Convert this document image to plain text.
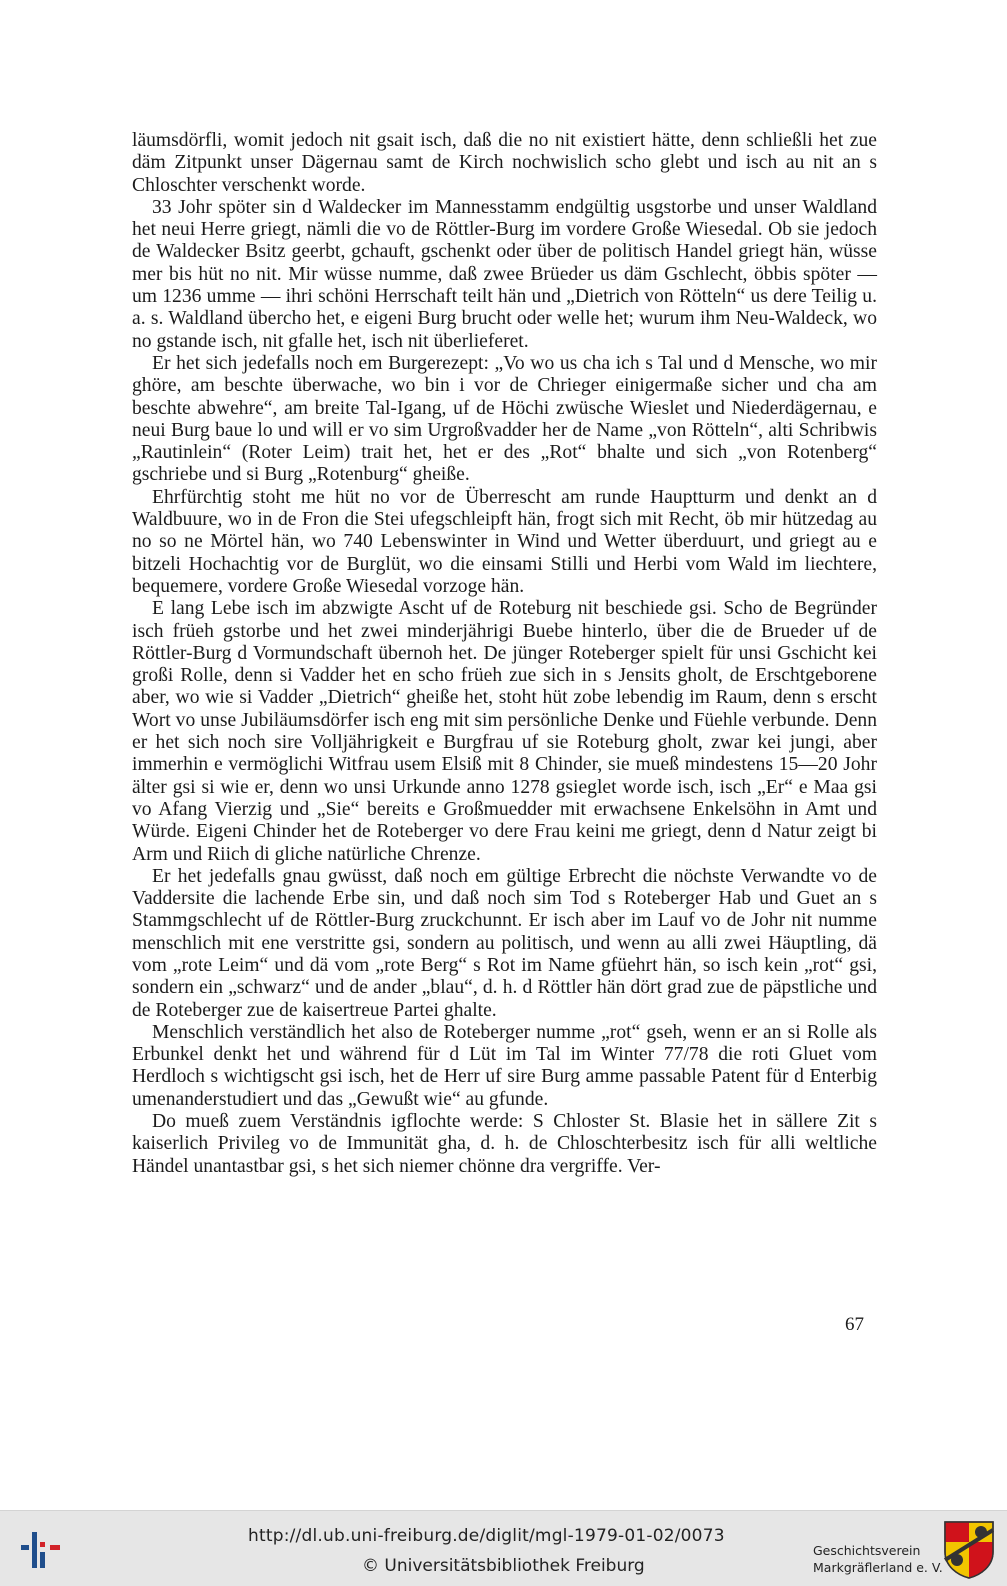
läumsdörfli, womit jedoch nit gsait isch, daß die no nit existiert hätte, denn schließli het zue däm Zitpunkt unser Dägernau samt de Kirch nochwislich scho glebt und isch au nit an s Chloschter verschenkt worde.

33 Johr spöter sin d Waldecker im Mannesstamm endgültig usgstorbe und unser Waldland het neui Herre griegt, nämli die vo de Röttler-Burg im vordere Große Wiesedal. Ob sie jedoch de Waldecker Bsitz geerbt, gchauft, gschenkt oder über de politisch Handel griegt hän, wüsse mer bis hüt no nit. Mir wüsse numme, daß zwee Brüeder us däm Gschlecht, öbbis spöter — um 1236 umme — ihri schöni Herrschaft teilt hän und „Dietrich von Rötteln“ us dere Teilig u. a. s. Waldland übercho het, e eigeni Burg brucht oder welle het; wurum ihm Neu-Waldeck, wo no gstande isch, nit gfalle het, isch nit überlieferet.

Er het sich jedefalls noch em Burgerezept: „Vo wo us cha ich s Tal und d Mensche, wo mir ghöre, am beschte überwache, wo bin i vor de Chrieger einigermaße sicher und cha am beschte abwehre“, am breite Tal-Igang, uf de Höchi zwüsche Wieslet und Niederdägernau, e neui Burg baue lo und will er vo sim Urgroßvadder her de Name „von Rötteln“, alti Schribwis „Rautinlein“ (Roter Leim) trait het, het er des „Rot“ bhalte und sich „von Rotenberg“ gschriebe und si Burg „Rotenburg“ gheiße.

Ehrfürchtig stoht me hüt no vor de Überrescht am runde Hauptturm und denkt an d Waldbuure, wo in de Fron die Stei ufegschleipft hän, frogt sich mit Recht, öb mir hützedag au no so ne Mörtel hän, wo 740 Lebenswinter in Wind und Wetter überduurt, und griegt au e bitzeli Hochachtig vor de Burglüt, wo die einsami Stilli und Herbi vom Wald im liechtere, bequemere, vordere Große Wiesedal vorzoge hän.

E lang Lebe isch im abzwigte Ascht uf de Roteburg nit beschiede gsi. Scho de Begründer isch früeh gstorbe und het zwei minderjährigi Buebe hinterlo, über die de Brueder uf de Röttler-Burg d Vormundschaft übernoh het. De jünger Roteberger spielt für unsi Gschicht kei großi Rolle, denn si Vadder het en scho früeh zue sich in s Jensits gholt, de Erschtgeborene aber, wo wie si Vadder „Dietrich“ gheiße het, stoht hüt zobe lebendig im Raum, denn s erscht Wort vo unse Jubiläumsdörfer isch eng mit sim persönliche Denke und Füehle verbunde. Denn er het sich noch sire Volljährigkeit e Burgfrau uf sie Roteburg gholt, zwar kei jungi, aber immerhin e vermöglichi Witfrau usem Elsiß mit 8 Chinder, sie mueß mindestens 15—20 Johr älter gsi si wie er, denn wo unsi Urkunde anno 1278 gsieglet worde isch, isch „Er“ e Maa gsi vo Afang Vierzig und „Sie“ bereits e Großmuedder mit erwachsene Enkelsöhn in Amt und Würde. Eigeni Chinder het de Roteberger vo dere Frau keini me griegt, denn d Natur zeigt bi Arm und Riich di gliche natürliche Chrenze.

Er het jedefalls gnau gwüsst, daß noch em gültige Erbrecht die nöchste Verwandte vo de Vaddersite die lachende Erbe sin, und daß noch sim Tod s Roteberger Hab und Guet an s Stammgschlecht uf de Röttler-Burg zruckchunnt. Er isch aber im Lauf vo de Johr nit numme menschlich mit ene verstritte gsi, sondern au politisch, und wenn au alli zwei Häuptling, dä vom „rote Leim“ und dä vom „rote Berg“ s Rot im Name gfüehrt hän, so isch kein „rot“ gsi, sondern ein „schwarz“ und de ander „blau“, d. h. d Röttler hän dört grad zue de päpstliche und de Roteberger zue de kaisertreue Partei ghalte.

Menschlich verständlich het also de Roteberger numme „rot“ gseh, wenn er an si Rolle als Erbunkel denkt het und während für d Lüt im Tal im Winter 77/78 die roti Gluet vom Herdloch s wichtigscht gsi isch, het de Herr uf sire Burg amme passable Patent für d Enterbig umenanderstudiert und das „Gewußt wie“ au gfunde.

Do mueß zuem Verständnis igflochte werde: S Chloster St. Blasie het in sällere Zit s kaiserlich Privileg vo de Immunität gha, d. h. de Chloschterbesitz isch für alli weltliche Händel unantastbar gsi, s het sich niemer chönne dra vergriffe. Ver-

67
http://dl.ub.uni-freiburg.de/diglit/mgl-1979-01-02/0073
© Universitätsbibliothek Freiburg
Geschichtsverein
Markgräflerland e. V.
